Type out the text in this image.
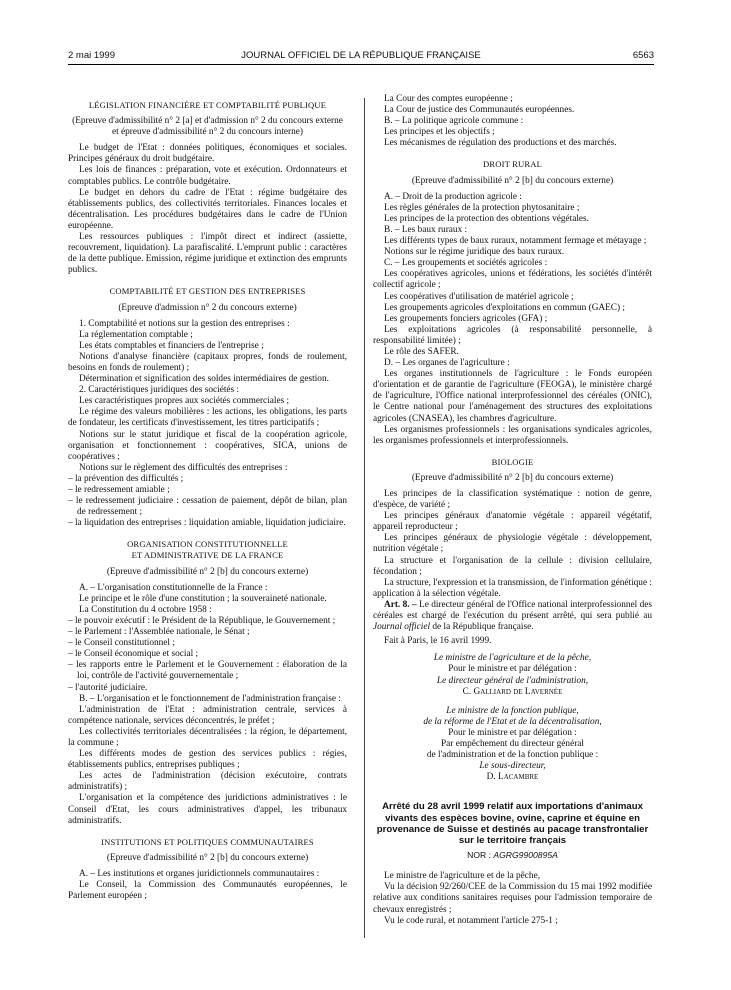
2 mai 1999	JOURNAL OFFICIEL DE LA RÉPUBLIQUE FRANÇAISE	6563

LÉGISLATION FINANCIÈRE ET COMPTABILITÉ PUBLIQUE

(Epreuve d'admissibilité n° 2 [a] et d'admission n° 2 du concours externe et épreuve d'admissibilité n° 2 du concours interne)

Le budget de l'Etat : données politiques, économiques et sociales. Principes généraux du droit budgétaire.

Les lois de finances : préparation, vote et exécution. Ordonnateurs et comptables publics. Le contrôle budgétaire.

Le budget en dehors du cadre de l'Etat : régime budgétaire des établissements publics, des collectivités territoriales. Finances locales et décentralisation. Les procédures budgétaires dans le cadre de l'Union européenne.

Les ressources publiques : l'impôt direct et indirect (assiette, recouvrement, liquidation). La parafiscalité. L'emprunt public : caractères de la dette publique. Emission, régime juridique et extinction des emprunts publics.

COMPTABILITÉ ET GESTION DES ENTREPRISES

(Epreuve d'admission n° 2 du concours externe)

1. Comptabilité et notions sur la gestion des entreprises :

La réglementation comptable ;

Les états comptables et financiers de l'entreprise ;

Notions d'analyse financière (capitaux propres, fonds de roulement, besoins en fonds de roulement) ;

Détermination et signification des soldes intermédiaires de gestion.

2. Caractéristiques juridiques des sociétés :

Les caractéristiques propres aux sociétés commerciales ;

Le régime des valeurs mobilières : les actions, les obligations, les parts de fondateur, les certificats d'investissement, les titres participatifs ;

Notions sur le statut juridique et fiscal de la coopération agricole, organisation et fonctionnement : coopératives, SICA, unions de coopératives ;

Notions sur le règlement des difficultés des entreprises :

– la prévention des difficultés ;

– le redressement amiable ;

– le redressement judiciaire : cessation de paiement, dépôt de bilan, plan de redressement ;

– la liquidation des entreprises : liquidation amiable, liquidation judiciaire.

ORGANISATION CONSTITUTIONNELLE

ET ADMINISTRATIVE DE LA FRANCE

(Epreuve d'admissibilité n° 2 [b] du concours externe)

A. – L'organisation constitutionnelle de la France :

Le principe et le rôle d'une constitution ; la souveraineté nationale.

La Constitution du 4 octobre 1958 :

– le pouvoir exécutif : le Président de la République, le Gouvernement ;

– le Parlement : l'Assemblée nationale, le Sénat ;

– le Conseil constitutionnel ;

– le Conseil économique et social ;

– les rapports entre le Parlement et le Gouvernement : élaboration de la loi, contrôle de l'activité gouvernementale ;

– l'autorité judiciaire.

B. – L'organisation et le fonctionnement de l'administration française :

L'administration de l'Etat : administration centrale, services à compétence nationale, services déconcentrés, le préfet ;

Les collectivités territoriales décentralisées : la région, le département, la commune ;

Les différents modes de gestion des services publics : régies, établissements publics, entreprises publiques ;

Les actes de l'administration (décision exécutoire, contrats administratifs) ;

L'organisation et la compétence des juridictions administratives : le Conseil d'Etat, les cours administratives d'appel, les tribunaux administratifs.

INSTITUTIONS ET POLITIQUES COMMUNAUTAIRES

(Epreuve d'admissibilité n° 2 [b] du concours externe)

A. – Les institutions et organes juridictionnels communautaires :

Le Conseil, la Commission des Communautés européennes, le Parlement européen ;

La Cour des comptes européenne ;

La Cour de justice des Communautés européennes.

B. – La politique agricole commune :

Les principes et les objectifs ;

Les mécanismes de régulation des productions et des marchés.

DROIT RURAL

(Epreuve d'admissibilité n° 2 [b] du concours externe)

A. – Droit de la production agricole :

Les règles générales de la protection phytosanitaire ;

Les principes de la protection des obtentions végétales.

B. – Les baux ruraux :

Les différents types de baux ruraux, notamment fermage et métayage ;

Notions sur le régime juridique des baux ruraux.

C. – Les groupements et sociétés agricoles :

Les coopératives agricoles, unions et fédérations, les sociétés d'intérêt collectif agricole ;

Les coopératives d'utilisation de matériel agricole ;

Les groupements agricoles d'exploitations en commun (GAEC) ;

Les groupements fonciers agricoles (GFA) ;

Les exploitations agricoles (à responsabilité personnelle, à responsabilité limitée) ;

Le rôle des SAFER.

D. – Les organes de l'agriculture :

Les organes institutionnels de l'agriculture : le Fonds européen d'orientation et de garantie de l'agriculture (FEOGA), le ministère chargé de l'agriculture, l'Office national interprofessionnel des céréales (ONIC), le Centre national pour l'aménagement des structures des exploitations agricoles (CNASEA), les chambres d'agriculture.

Les organismes professionnels : les organisations syndicales agricoles, les organismes professionnels et interprofessionnels.

BIOLOGIE

(Epreuve d'admissibilité n° 2 [b] du concours externe)

Les principes de la classification systématique : notion de genre, d'espèce, de variété ;

Les principes généraux d'anatomie végétale : appareil végétatif, appareil reproducteur ;

Les principes généraux de physiologie végétale : développement, nutrition végétale ;

La structure et l'organisation de la cellule : division cellulaire, fécondation ;

La structure, l'expression et la transmission, de l'information génétique : application à la sélection végétale.

Art. 8. – Le directeur général de l'Office national interprofessionnel des céréales est chargé de l'exécution du présent arrêté, qui sera publié au Journal officiel de la République française.

Fait à Paris, le 16 avril 1999.

Le ministre de l'agriculture et de la pêche,

Pour le ministre et par délégation :

Le directeur général de l'administration,

C. Galliard de Lavernée

Le ministre de la fonction publique,

de la réforme de l'Etat et de la décentralisation,

Pour le ministre et par délégation :

Par empêchement du directeur général

de l'administration et de la fonction publique :

Le sous-directeur,

D. Lacambre

Arrêté du 28 avril 1999 relatif aux importations d'animaux vivants des espèces bovine, ovine, caprine et équine en provenance de Suisse et destinés au pacage transfrontalier sur le territoire français

NOR : AGRG9900895A

Le ministre de l'agriculture et de la pêche,

Vu la décision 92/260/CEE de la Commission du 15 mai 1992 modifiée relative aux conditions sanitaires requises pour l'admission temporaire de chevaux enregistrés ;

Vu le code rural, et notamment l'article 275-1 ;
